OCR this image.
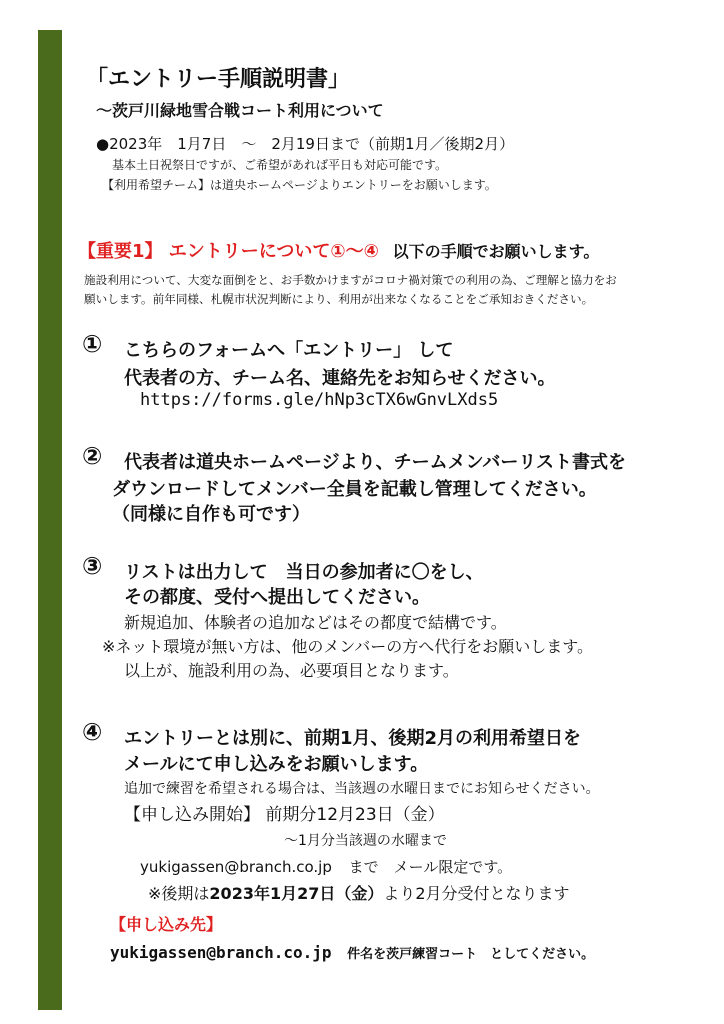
「エントリー手順説明書」
～茨戸川緑地雪合戦コート利用について
●2023年　1月7日　～　2月19日まで（前期1月／後期2月）
基本土日祝祭日ですが、ご希望があれば平日も対応可能です。
【利用希望チーム】は道央ホームページよりエントリーをお願いします。
【重要1】 エントリーについて①～④ 以下の手順でお願いします。
施設利用について、大変な面倒をと、お手数かけますがコロナ禍対策での利用の為、ご理解と協力をお
願いします。前年同様、札幌市状況判断により、利用が出来なくなることをご承知おきください。
① こちらのフォームへ「エントリー」 して
代表者の方、チーム名、連絡先をお知らせください。
https://forms.gle/hNp3cTX6wGnvLXds5
② 代表者は道央ホームページより、チームメンバーリスト書式を
ダウンロードしてメンバー全員を記載し管理してください。
（同様に自作も可です）
③ リストは出力して　当日の参加者に〇をし、
その都度、受付へ提出してください。
新規追加、体験者の追加などはその都度で結構です。
※ネット環境が無い方は、他のメンバーの方へ代行をお願いします。
以上が、施設利用の為、必要項目となります。
④ エントリーとは別に、前期1月、後期2月の利用希望日を
メールにて申し込みをお願いします。
追加で練習を希望される場合は、当該週の水曜日までにお知らせください。
【申し込み開始】 前期分12月23日（金）
～1月分当該週の水曜まで
yukigassen@branch.co.jp まで　メール限定です。
※後期は2023年1月27日（金）より2月分受付となります
【申し込み先】
yukigassen@branch.co.jp 件名を茨戸練習コート　としてください。
